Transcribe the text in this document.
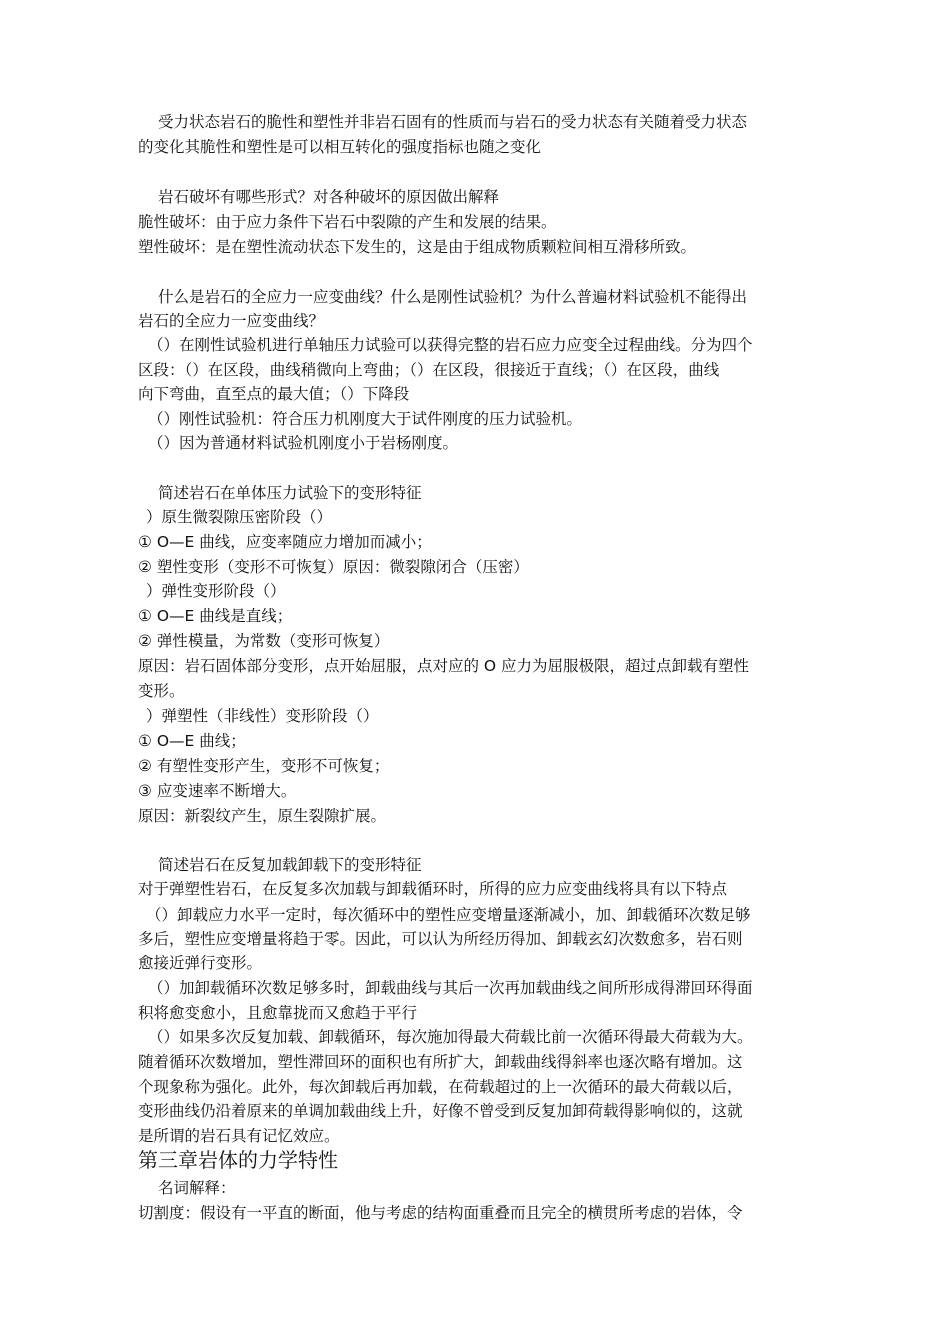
受力状态岩石的脆性和塑性并非岩石固有的性质而与岩石的受力状态有关随着受力状态
的变化其脆性和塑性是可以相互转化的强度指标也随之变化
岩石破坏有哪些形式？对各种破坏的原因做出解释
脆性破坏：由于应力条件下岩石中裂隙的产生和发展的结果。
塑性破坏：是在塑性流动状态下发生的，这是由于组成物质颗粒间相互滑移所致。
什么是岩石的全应力一应变曲线？什么是刚性试验机？为什么普遍材料试验机不能得出
岩石的全应力一应变曲线？
（）在刚性试验机进行单轴压力试验可以获得完整的岩石应力应变全过程曲线。分为四个
区段：（）在区段，曲线稍微向上弯曲；（）在区段，很接近于直线；（）在区段，曲线
向下弯曲，直至点的最大值；（）下降段
（）刚性试验机：符合压力机刚度大于试件刚度的压力试验机。
（）因为普通材料试验机刚度小于岩杨刚度。
简述岩石在单体压力试验下的变形特征
）原生微裂隙压密阶段（）
① O—E 曲线，应变率随应力增加而减小；
② 塑性变形（变形不可恢复）原因：微裂隙闭合（压密）
）弹性变形阶段（）
① O—E 曲线是直线；
② 弹性模量，为常数（变形可恢复）
原因：岩石固体部分变形，点开始屈服，点对应的 O 应力为屈服极限，超过点卸载有塑性
变形。
）弹塑性（非线性）变形阶段（）
① O—E 曲线；
② 有塑性变形产生，变形不可恢复；
③ 应变速率不断增大。
原因：新裂纹产生，原生裂隙扩展。
简述岩石在反复加载卸载下的变形特征
对于弹塑性岩石，在反复多次加载与卸载循环时，所得的应力应变曲线将具有以下特点
（）卸载应力水平一定时，每次循环中的塑性应变增量逐渐减小，加、卸载循环次数足够
多后，塑性应变增量将趋于零。因此，可以认为所经历得加、卸载玄幻次数愈多，岩石则
愈接近弹行变形。
（）加卸载循环次数足够多时，卸载曲线与其后一次再加载曲线之间所形成得滞回环得面
积将愈变愈小，且愈靠拢而又愈趋于平行
（）如果多次反复加载、卸载循环，每次施加得最大荷载比前一次循环得最大荷载为大。
随着循环次数增加，塑性滞回环的面积也有所扩大，卸载曲线得斜率也逐次略有增加。这
个现象称为强化。此外，每次卸载后再加载，在荷载超过的上一次循环的最大荷载以后，
变形曲线仍沿着原来的单调加载曲线上升，好像不曾受到反复加卸荷载得影响似的，这就
是所谓的岩石具有记忆效应。
第三章岩体的力学特性
名词解释：
切割度：假设有一平直的断面，他与考虑的结构面重叠而且完全的横贯所考虑的岩体，令
